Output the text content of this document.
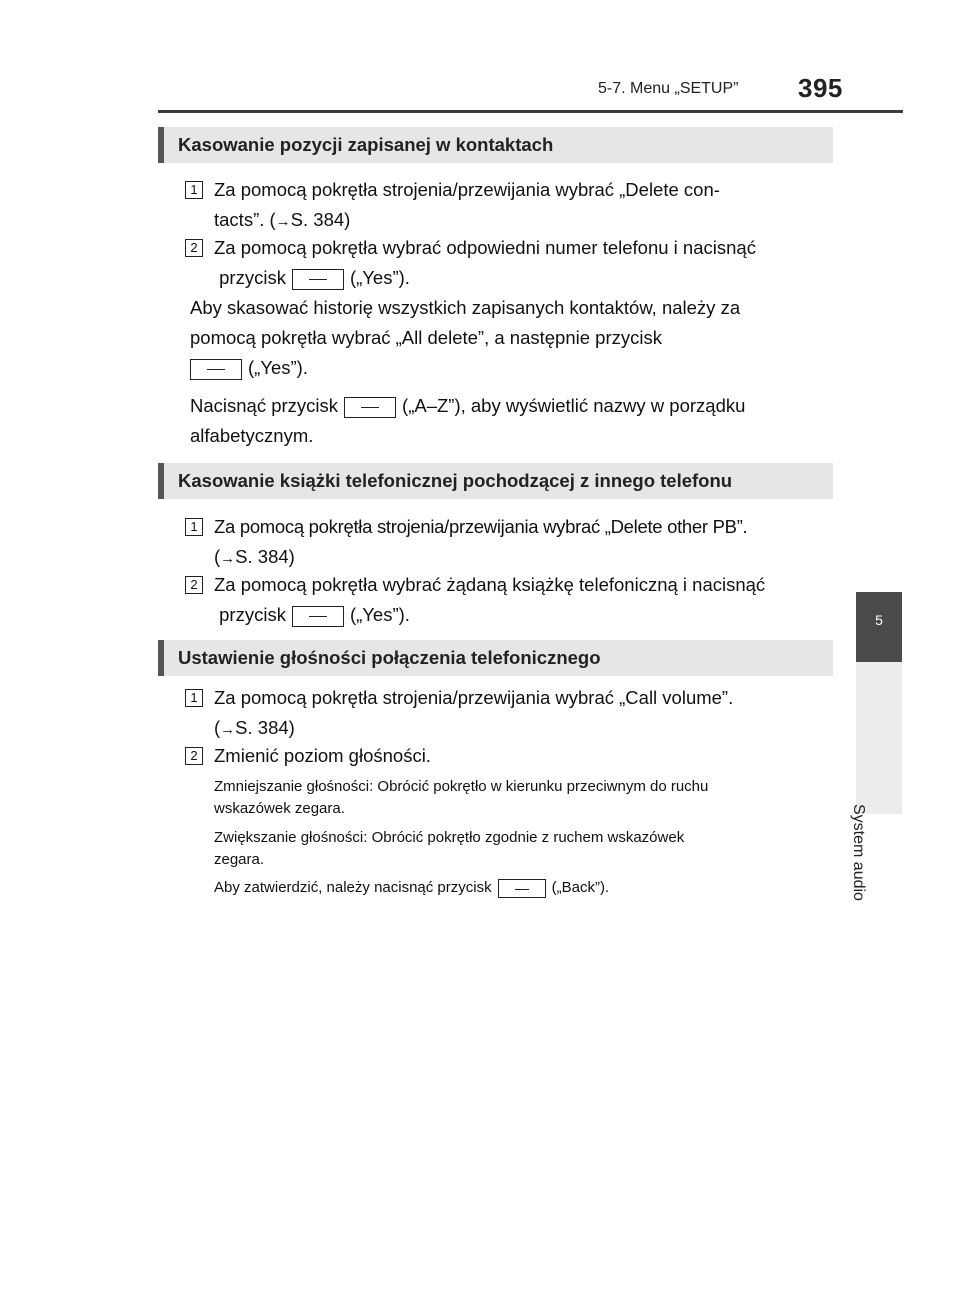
5-7. Menu „SETUP” 395
5
System audio
Kasowanie pozycji zapisanej w kontaktach
1 Za pomocą pokrętła strojenia/przewijania wybrać „Delete con-
tacts”. (→S. 384)
2 Za pomocą pokrętła wybrać odpowiedni numer telefonu i nacisnąć
przycisk	(„Yes”).
Aby skasować historię wszystkich zapisanych kontaktów, należy za
pomocą pokrętła wybrać „All delete”, a następnie przycisk
(„Yes”).
Nacisnąć przycisk	(„A–Z”), aby wyświetlić nazwy w porządku
alfabetycznym.
Kasowanie książki telefonicznej pochodzącej z innego telefonu
1 Za pomocą pokrętła strojenia/przewijania wybrać „Delete other PB”.
(→S. 384)
2 Za pomocą pokrętła wybrać żądaną książkę telefoniczną i nacisnąć
przycisk	(„Yes”).
Ustawienie głośności połączenia telefonicznego
1 Za pomocą pokrętła strojenia/przewijania wybrać „Call volume”.
(→S. 384)
2 Zmienić poziom głośności.
Zmniejszanie głośności: Obrócić pokrętło w kierunku przeciwnym do ruchu
wskazówek zegara.
Zwiększanie głośności: Obrócić pokrętło zgodnie z ruchem wskazówek
zegara.
Aby zatwierdzić, należy nacisnąć przycisk	(„Back”).
